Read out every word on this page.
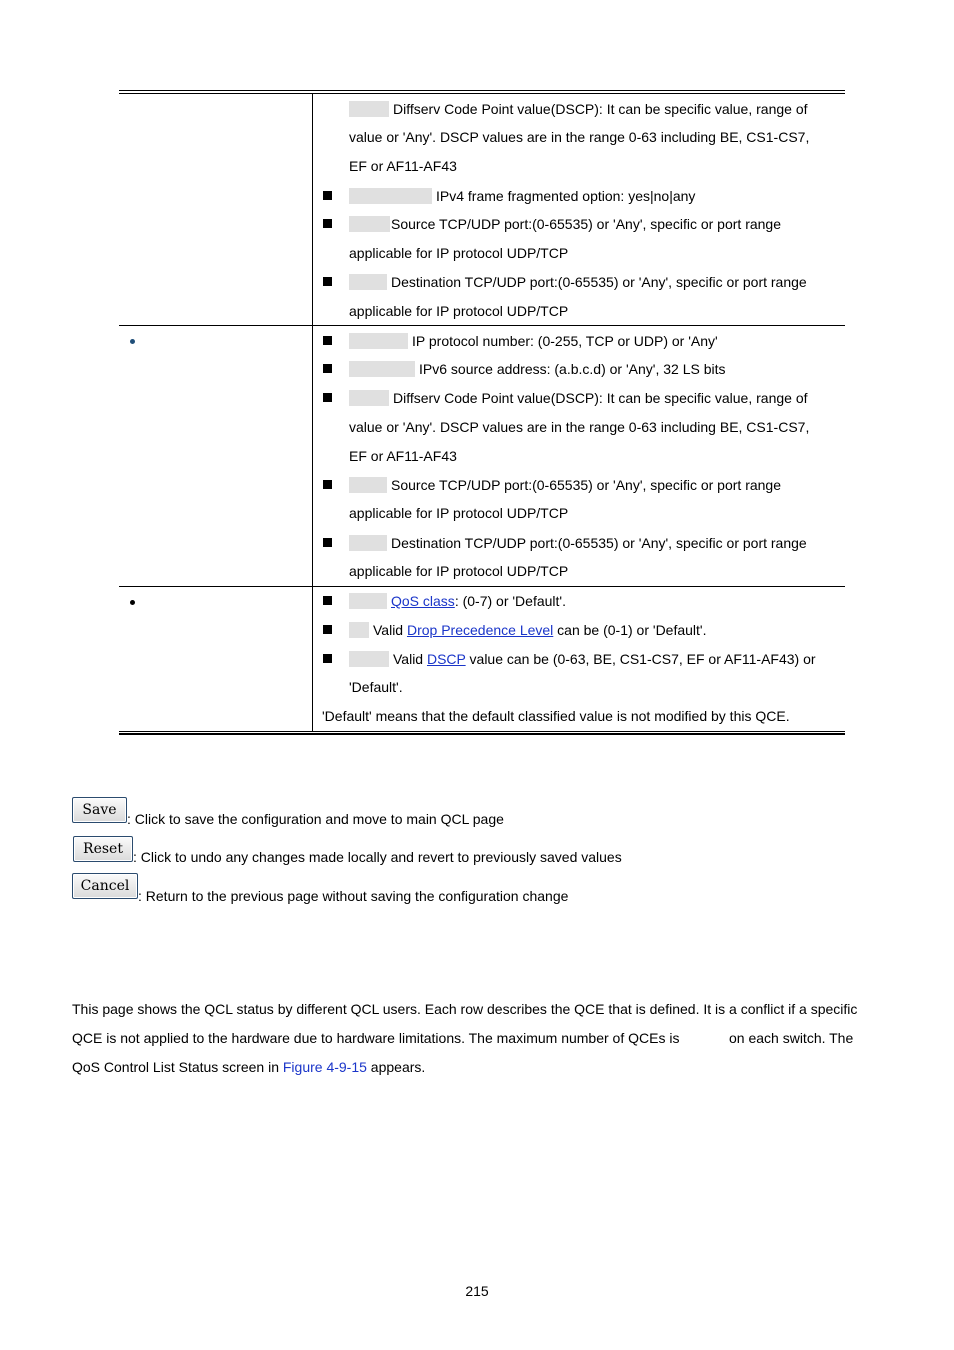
Diffserv Code Point value(DSCP): It can be specific value, range of
value or 'Any'. DSCP values are in the range 0-63 including BE, CS1-CS7,
EF or AF11-AF43
IPv4 frame fragmented option: yes|no|any
Source TCP/UDP port:(0-65535) or 'Any', specific or port range
applicable for IP protocol UDP/TCP
Destination TCP/UDP port:(0-65535) or 'Any', specific or port range
applicable for IP protocol UDP/TCP
IP protocol number: (0-255, TCP or UDP) or 'Any'
IPv6 source address: (a.b.c.d) or 'Any', 32 LS bits
Diffserv Code Point value(DSCP): It can be specific value, range of
value or 'Any'. DSCP values are in the range 0-63 including BE, CS1-CS7,
EF or AF11-AF43
Source TCP/UDP port:(0-65535) or 'Any', specific or port range
applicable for IP protocol UDP/TCP
Destination TCP/UDP port:(0-65535) or 'Any', specific or port range
applicable for IP protocol UDP/TCP
QoS class: (0-7) or 'Default'.
Valid Drop Precedence Level can be (0-1) or 'Default'.
Valid DSCP value can be (0-63, BE, CS1-CS7, EF or AF11-AF43) or
'Default'.
'Default' means that the default classified value is not modified by this QCE.
Save
: Click to save the configuration and move to main QCL page
Reset : Click to undo any changes made locally and revert to previously saved values
Cancel
: Return to the previous page without saving the configuration change
This page shows the QCL status by different QCL users. Each row describes the QCE that is defined. It is a conflict if a specific
QCE is not applied to the hardware due to hardware limitations. The maximum number of QCEs is	on each switch. The
QoS Control List Status screen in Figure 4-9-15 appears.
215
